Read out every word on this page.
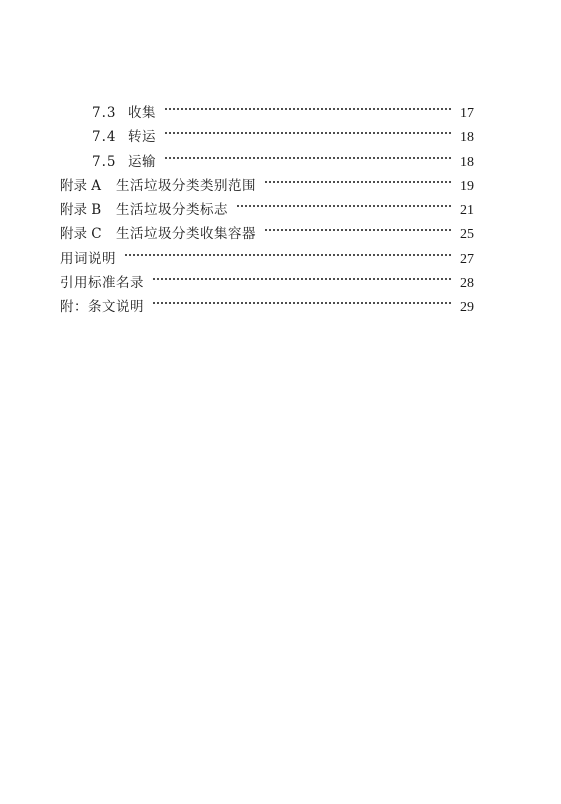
7.3 收集	17
7.4 转运	18
7.5 运输	18
附录 A	生活垃圾分类类别范围	19
附录 B	生活垃圾分类标志	21
附录 C	生活垃圾分类收集容器	25
用词说明	27
引用标准名录	28
附：条文说明	29
